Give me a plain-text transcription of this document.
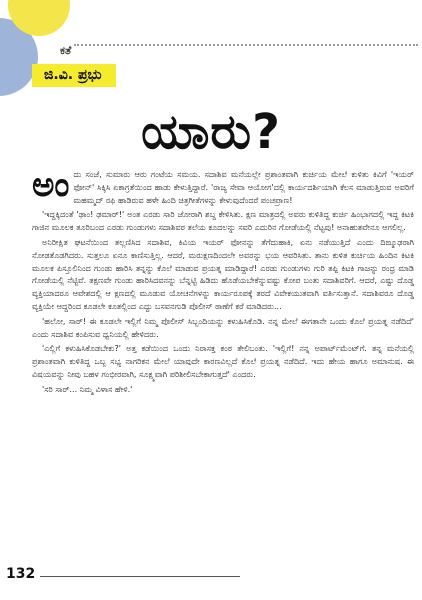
ಕತೆ
ಜಿ.ವಿ. ಪ್ರಭು
ಯಾರು?

ಅಂದು ಸಂಜೆ, ಸುಮಾರು ಆರು ಗಂಟೆಯ ಸಮಯ. ಸದಾಶಿವ ಮನೆಯಲ್ಲೇ ಪ್ರಶಾಂತವಾಗಿ ಕುರ್ಚಿಯ ಮೇಲೆ ಕುಳಿತು ಕಿವಿಗೆ 'ಇಯರ್ ಫೋನ್' ಸಿಕ್ಕಿಸಿ ಏಕಾಗ್ರತೆಯಿಂದ ಹಾಡು ಕೇಳುತ್ತಿದ್ದಾರೆ. 'ರಾಜ್ಯ ಸೇವಾ ಆಯೋಗ'ದಲ್ಲಿ ಕಾರ್ಯದರ್ಶಿಯಾಗಿ ಕೆಲಸ ಮಾಡುತ್ತಿರುವ ಅವರಿಗೆ ಮಹಮ್ಮದ್ ರಫಿ ಹಾಡಿರುವ ಹಳೇ ಹಿಂದಿ ಚಿತ್ರಗೀತೆಗಳನ್ನು ಕೇಳುವುದೆಂದರೆ ಪಂಚಪ್ರಾಣ!

'ಇದ್ದಕ್ಕಿದಂತೆ 'ಢಾಂ! ಢಮಾರ್!' ಅಂತ ಎರಡು ಸಾರಿ ಜೋರಾಗಿ ಶಬ್ದ ಕೇಳಿಸಿತು. ಕ್ಷಣ ಮಾತ್ರದಲ್ಲಿ ಅವರು ಕುಳಿತಿದ್ದ ಕುರ್ಚಿ ಹಿಂಭಾಗದಲ್ಲಿ ಇದ್ದ ಕಿಟಕಿ ಗಾಜಿನ ಮೂಲಕ ತೂರಿಬಂದ ಎರಡು ಗುಂಡುಗಳು ಸದಾಶಿವರ ತಲೆಯ ಕೂದಲನ್ನು ಸವರಿ ಎದುರಿನ ಗೋಡೆಯಲ್ಲಿ ನೆಟ್ಟವು! ಅನಾಹುತವೇನೂ ಆಗಲಿಲ್ಲ.

ಅನಿರೀಕ್ಷಿತ ಘಟನೆಯಿಂದ ತಲ್ಲಣಿಸಿದ ಸದಾಶಿವ, ಕಿವಿಯ ಇಯರ್ ಫೋನನ್ನು ತೆಗೆದುಹಾಕಿ, ಏನು ನಡೆಯುತ್ತಿದೆ ಎಂದು ದಿಙ್ಮೂಢರಾಗಿ ನೋಡತೊಡಗಿದರು. ಸುತ್ತಲೂ ಏನೂ ಕಾಣಿಸುತ್ತಿಲ್ಲ. ಆದರೆ, ಮರುಕ್ಷಣದಿಂದಲೇ ಅವರನ್ನು ಭಯ ಆವರಿಸಿತು. ತಾನು ಕುಳಿತ ಕುರ್ಚಿಯ ಹಿಂದಿನ ಕಿಟಕಿ ಮೂಲಕ ಪಿಸ್ತೂಲಿನಿಂದ ಗುಂಡು ಹಾರಿಸಿ ತನ್ನನ್ನು ಕೊಲೆ ಮಾಡುವ ಪ್ರಯತ್ನ ಮಾಡಿದ್ದಾರೆ! ಎರಡು ಗುಂಡುಗಳು ಗುರಿ ತಪ್ಪಿ ಕಿಟಕಿ ಗಾಜನ್ನು ರಂಧ್ರ ಮಾಡಿ ಗೋಡೆಯಲ್ಲಿ ನೆಟ್ಟಿವೆ. ತಕ್ಷಣವೇ ಗುಂಡು ಹಾರಿಸಿದವನನ್ನು ಬೆನ್ನಟ್ಟಿ ಹಿಡಿದು ಹೊಡೆಯಬೇಕೆನ್ನುವಷ್ಟು ಕೋಪ ಬಂತು ಸದಾಶಿವರಿಗೆ. ಆದರೆ, ಎಷ್ಟು ದೊಡ್ಡ ವ್ಯಕ್ತಿಯಾದರೂ ಆವೇಶದಲ್ಲಿ ಆ ಕ್ಷಣದಲ್ಲಿ ಮೂಡುವ ಯೋಚನೆಗಳನ್ನು ಕಾರ್ಯರೂಪಕ್ಕೆ ತರದೆ ವಿವೇಕಯುತವಾಗಿ ವರ್ತಿಸುತ್ತಾನೆ. ಸದಾಶಿವರೂ ದೊಡ್ಡ ವ್ಯಕ್ತಿಯೇ ಆದ್ದರಿಂದ ಕೂಡಲೇ ಕೂತಲ್ಲಿಂದ ಎದ್ದು ಬಸವನಗುಡಿ ಪೊಲೀಸ್ ಠಾಣೆಗೆ ಕರೆ ಮಾಡಿದರು...

'ಹಲೋ, ಸಾರ್! ಈ ಕೂಡಲೇ ಇಲ್ಲಿಗೆ ನಿಮ್ಮ ಪೊಲೀಸ್ ಸಿಬ್ಬಂದಿಯನ್ನು ಕಳುಹಿಸಿಕೊಡಿ. ನನ್ನ ಮೇಲೆ ಈಗತಾನೇ ಒಂದು ಕೊಲೆ ಪ್ರಯತ್ನ ನಡೆದಿದೆ' ಎಂದು ಸದಾಶಿವ ಕಂಪಿಸುವ ಧ್ವನಿಯಲ್ಲಿ ಹೇಳಿದರು.

'ಎಲ್ಲಿಗೆ ಕಳುಹಿಸಿಕೊಡಬೇಕು?' ಅತ್ತ ಕಡೆಯಿಂದ ಒಂದು ನಿರಾಸಕ್ತ ಕಂಠ ತೇಲಿಬಂತು. 'ಇಲ್ಲಿಗೆ! ನನ್ನ ಅಪಾರ್ಟ್‌ಮೆಂಟ್‌ಗೆ. ತನ್ನ ಮನೆಯಲ್ಲಿ ಪ್ರಶಾಂತವಾಗಿ ಕುಳಿತಿದ್ದ ಒಬ್ಬ ಸಭ್ಯ ನಾಗರಿಕನ ಮೇಲೆ ಯಾವುದೇ ಕಾರಣವಿಲ್ಲದೆ ಕೊಲೆ ಪ್ರಯತ್ನ ನಡೆದಿದೆ. ಇದು ಹೇಯ ಹಾಗೂ ಅಮಾನುಷ. ಈ ವಿಷಯವನ್ನು ನೀವು ಬಹಳ ಗಂಭೀರವಾಗಿ, ಸೂಕ್ಷ್ಮವಾಗಿ ಪರಿಶೀಲಿಸಬೇಕಾಗುತ್ತದೆ' ಎಂದರು.

'ಸರಿ ಸಾರ್... ನಿಮ್ಮ ವಿಳಾಸ ಹೇಳಿ.'

132
